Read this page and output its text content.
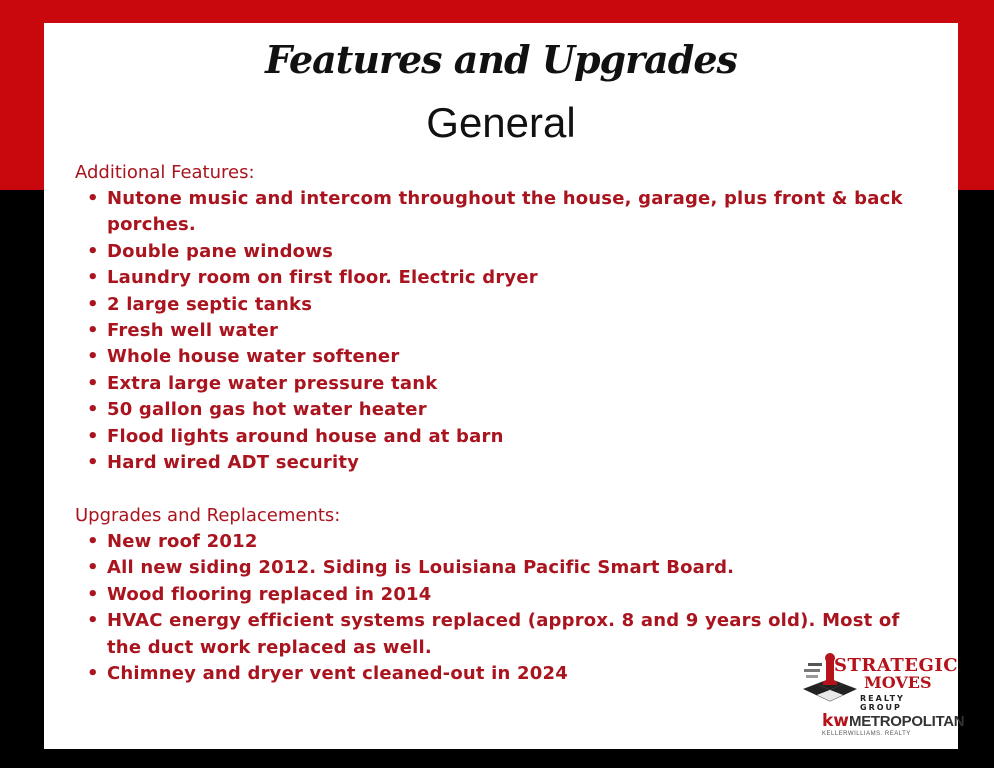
Features and Upgrades
General

Additional Features:

• Nutone music and intercom throughout the house, garage, plus front & back porches.
• Double pane windows
• Laundry room on first floor. Electric dryer
• 2 large septic tanks
• Fresh well water
• Whole house water softener
• Extra large water pressure tank
• 50 gallon gas hot water heater
• Flood lights around house and at barn
• Hard wired ADT security

Upgrades and Replacements:

• New roof 2012
• All new siding 2012. Siding is Louisiana Pacific Smart Board.
• Wood flooring replaced in 2014
• HVAC energy efficient systems replaced (approx. 8 and 9 years old). Most of the duct work replaced as well.
• Chimney and dryer vent cleaned-out in 2024	STRATEGIC
MOVES
REALTY GROUP
kwMETROPOLITAN
KELLERWILLIAMS. REALTY
